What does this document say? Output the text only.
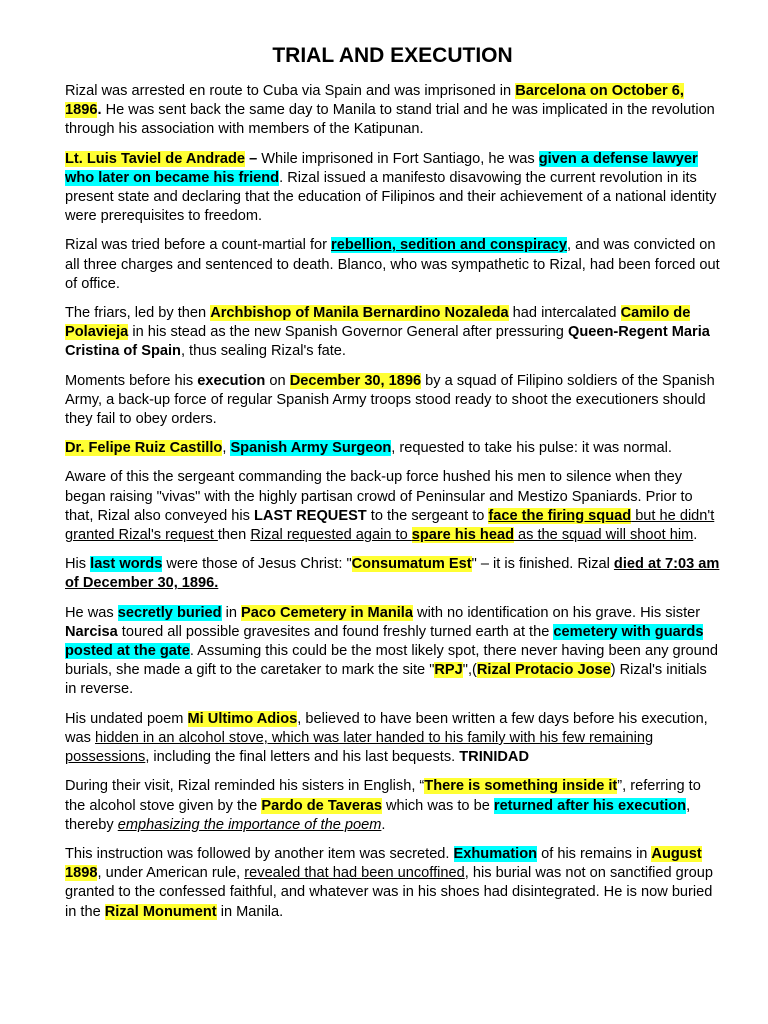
TRIAL AND EXECUTION

Rizal was arrested en route to Cuba via Spain and was imprisoned in Barcelona on October 6, 1896. He was sent back the same day to Manila to stand trial and he was implicated in the revolution through his association with members of the Katipunan.

Lt. Luis Taviel de Andrade – While imprisoned in Fort Santiago, he was given a defense lawyer who later on became his friend. Rizal issued a manifesto disavowing the current revolution in its present state and declaring that the education of Filipinos and their achievement of a national identity were prerequisites to freedom.

Rizal was tried before a count-martial for rebellion, sedition and conspiracy, and was convicted on all three charges and sentenced to death. Blanco, who was sympathetic to Rizal, had been forced out of office.

The friars, led by then Archbishop of Manila Bernardino Nozaleda had intercalated Camilo de Polavieja in his stead as the new Spanish Governor General after pressuring Queen-Regent Maria Cristina of Spain, thus sealing Rizal's fate.

Moments before his execution on December 30, 1896 by a squad of Filipino soldiers of the Spanish Army, a back-up force of regular Spanish Army troops stood ready to shoot the executioners should they fail to obey orders.

Dr. Felipe Ruiz Castillo, Spanish Army Surgeon, requested to take his pulse: it was normal.

Aware of this the sergeant commanding the back-up force hushed his men to silence when they began raising "vivas" with the highly partisan crowd of Peninsular and Mestizo Spaniards. Prior to that, Rizal also conveyed his LAST REQUEST to the sergeant to face the firing squad but he didn't granted Rizal's request then Rizal requested again to spare his head as the squad will shoot him.

His last words were those of Jesus Christ: "Consumatum Est" – it is finished. Rizal died at 7:03 am of December 30, 1896.

He was secretly buried in Paco Cemetery in Manila with no identification on his grave. His sister Narcisa toured all possible gravesites and found freshly turned earth at the cemetery with guards posted at the gate. Assuming this could be the most likely spot, there never having been any ground burials, she made a gift to the caretaker to mark the site "RPJ",(Rizal Protacio Jose) Rizal's initials in reverse.

His undated poem Mi Ultimo Adios, believed to have been written a few days before his execution, was hidden in an alcohol stove, which was later handed to his family with his few remaining possessions, including the final letters and his last bequests. TRINIDAD

During their visit, Rizal reminded his sisters in English, “There is something inside it”, referring to the alcohol stove given by the Pardo de Taveras which was to be returned after his execution, thereby emphasizing the importance of the poem.

This instruction was followed by another item was secreted. Exhumation of his remains in August 1898, under American rule, revealed that had been uncoffined, his burial was not on sanctified group granted to the confessed faithful, and whatever was in his shoes had disintegrated. He is now buried in the Rizal Monument in Manila.
